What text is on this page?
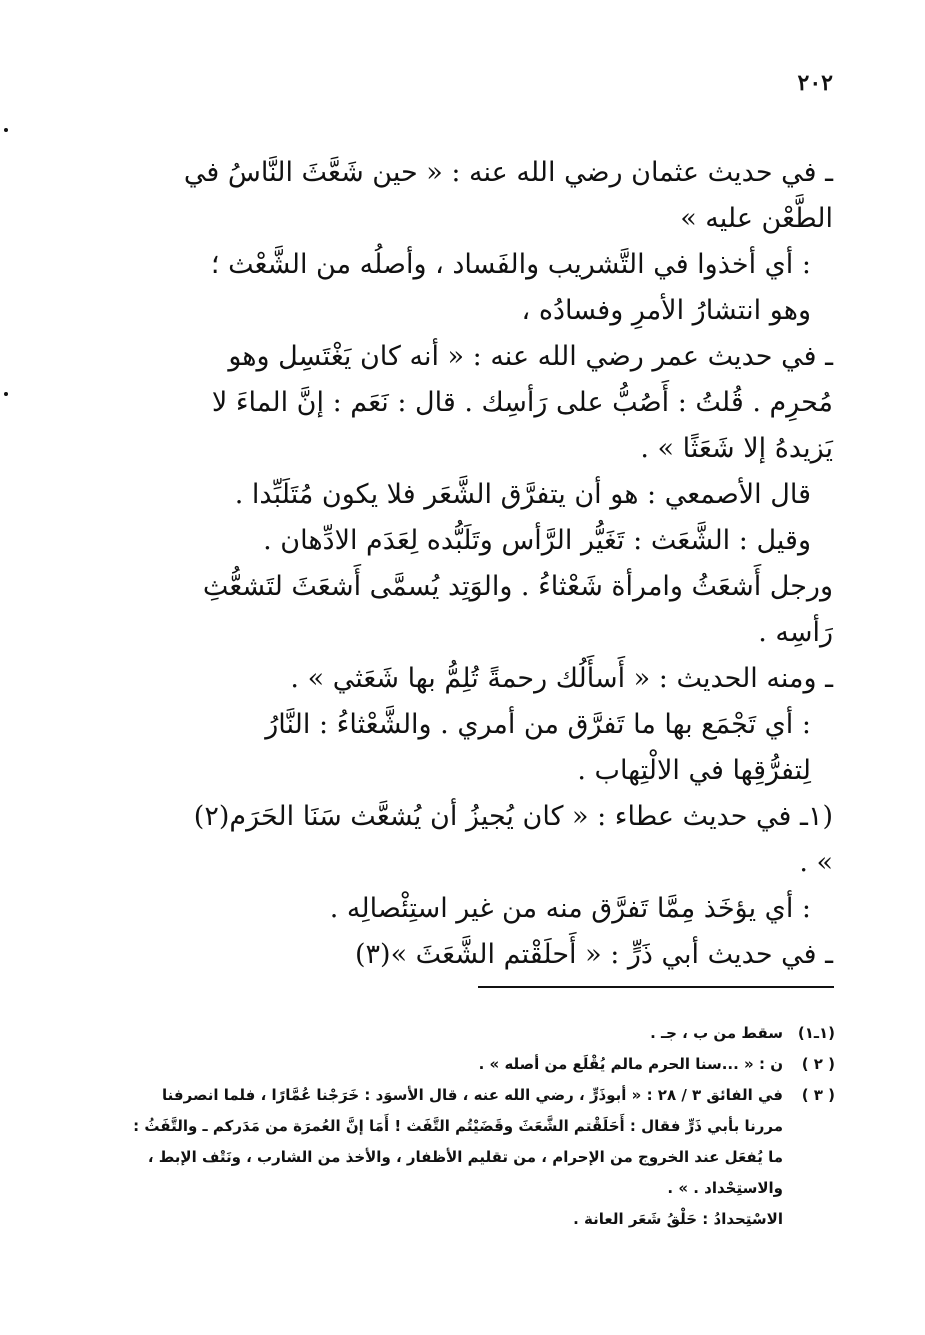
٢٠٢

ـ في حديث عثمان رضي الله عنه : « حين شَعَّثَ النَّاسُ في الطَّعْن عليه »

: أي أخذوا في التَّشريب والفَساد ، وأصلُه من الشَّعْث ؛ وهو انتشارُ الأمرِ وفسادُه ،

ـ في حديث عمر رضي الله عنه : « أنه كان يَغْتَسِل وهو مُحرِم . قُلتُ : أَصُبُّ على رَأسِك . قال : نَعَم : إنَّ الماءَ لا يَزيدهُ إلا شَعَثًا » .

قال الأصمعي : هو أن يتفرَّق الشَّعَر فلا يكون مُتَلَبِّدا .

وقيل : الشَّعَث : تَغَيُّر الرَّأس وتَلَبُّده لِعَدَم الادِّهان .

ورجل أَشعَثُ وامرأة شَعْثاءُ . والوَتِد يُسمَّى أَشعَثَ لتَشعُّثِ رَأسِه .

ـ ومنه الحديث : « أَسأَلُك رحمةً تُلِمُّ بها شَعَثي » .

: أي تَجْمَع بها ما تَفرَّق من أمري . والشَّعْثاءُ : النَّارُ لِتفرُّقِها في الالْتِهاب .

(١ـ في حديث عطاء : « كان يُجيزُ أن يُشعَّث سَنَا الحَرَم(٢) » .

: أي يؤخَذ مِمَّا تَفرَّق منه من غير استِئْصالِه .

ـ في حديث أبي ذَرٍّ : « أَحلَقْتم الشَّعَثَ »(٣)

(١ـ١)
سقط من ب ، جـ .
( ٢ )
ن : « ...سنا الحرم مالم يُقْلَع من أصله » .
( ٣ )
في الفائق ٣ / ٢٨ : « أبوذَرٍّ ، رضي الله عنه ، قال الأسوَد : خَرَجْنا عُمَّارًا ، فلما انصرفنا
مررنا بأبي ذَرٍّ فقال : أَحَلَقْتم الشَّعَثَ وقَضَيْتُم التَّفَث ! أَمَا إنَّ العُمرَة من مَدَركم ـ والتَّفَثُ :
ما يُفعَل عند الخروج من الإحرام ، من تقليم الأظفار ، والأخذ من الشارب ، ونَتْف الإبط ،
والاستِحْداد . » .
الاسْتِحدادُ : حَلْقُ شَعَر العانة .
